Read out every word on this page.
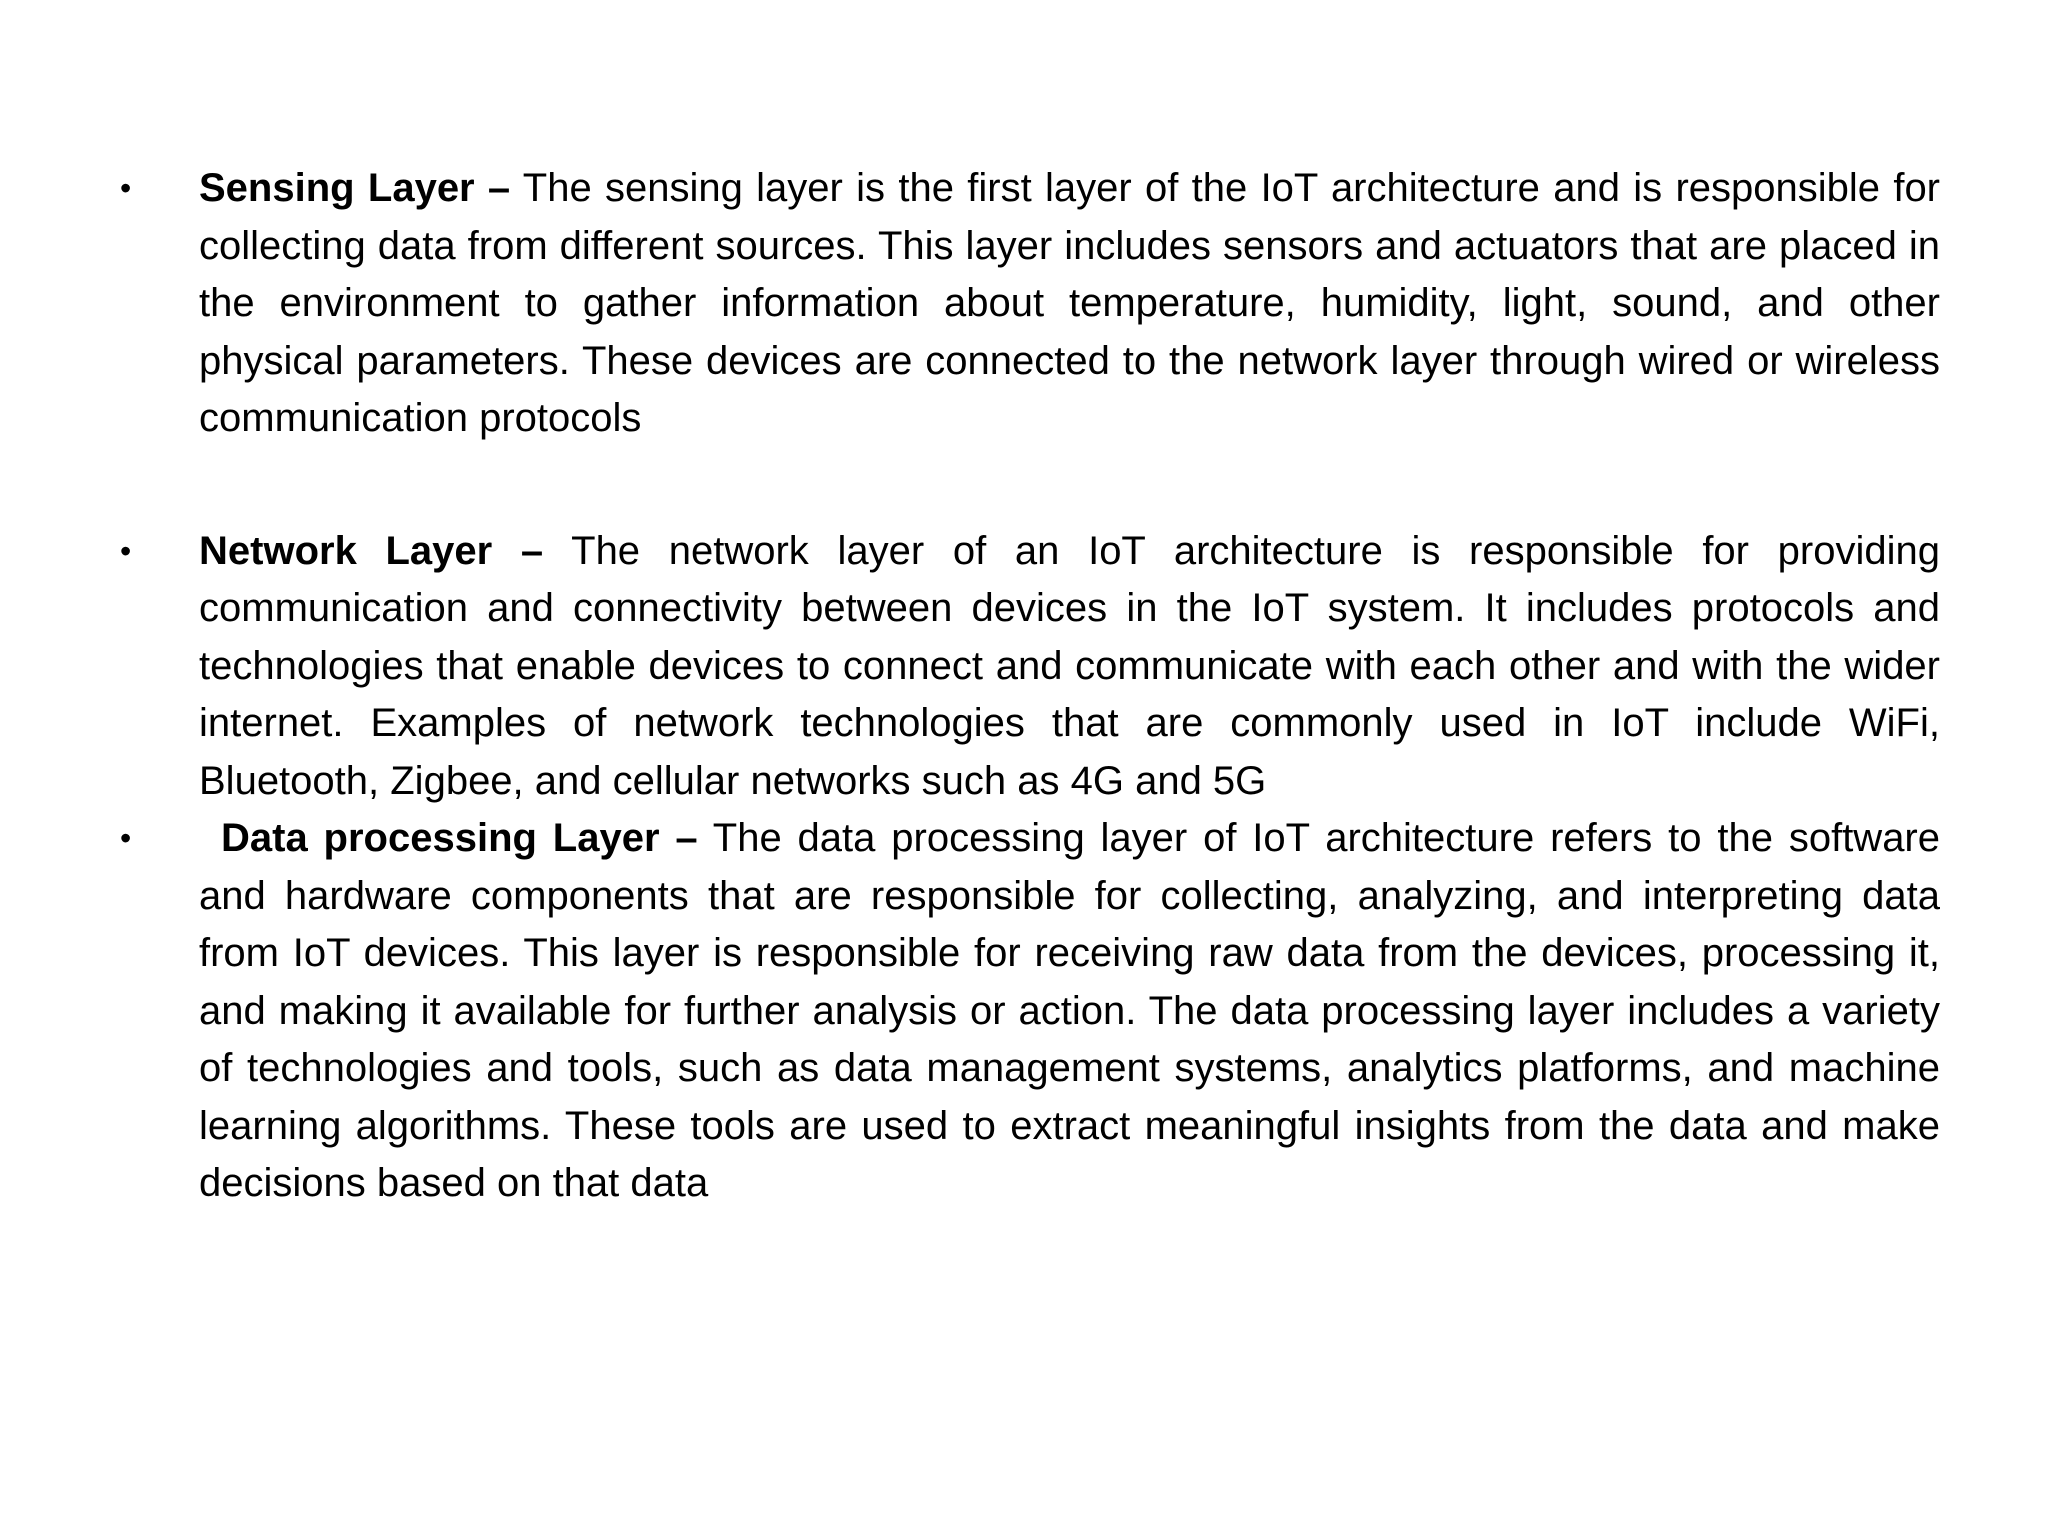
• Sensing Layer – The sensing layer is the first layer of the IoT architecture and is responsible for collecting data from different sources. This layer includes sensors and actuators that are placed in the environment to gather information about temperature, humidity, light, sound, and other physical parameters. These devices are connected to the network layer through wired or wireless communication protocols
• Network Layer – The network layer of an IoT architecture is responsible for providing communication and connectivity between devices in the IoT system. It includes protocols and technologies that enable devices to connect and communicate with each other and with the wider internet. Examples of network technologies that are commonly used in IoT include WiFi, Bluetooth, Zigbee, and cellular networks such as 4G and 5G
• Data processing Layer – The data processing layer of IoT architecture refers to the software and hardware components that are responsible for collecting, analyzing, and interpreting data from IoT devices. This layer is responsible for receiving raw data from the devices, processing it, and making it available for further analysis or action. The data processing layer includes a variety of technologies and tools, such as data management systems, analytics platforms, and machine learning algorithms. These tools are used to extract meaningful insights from the data and make decisions based on that data
